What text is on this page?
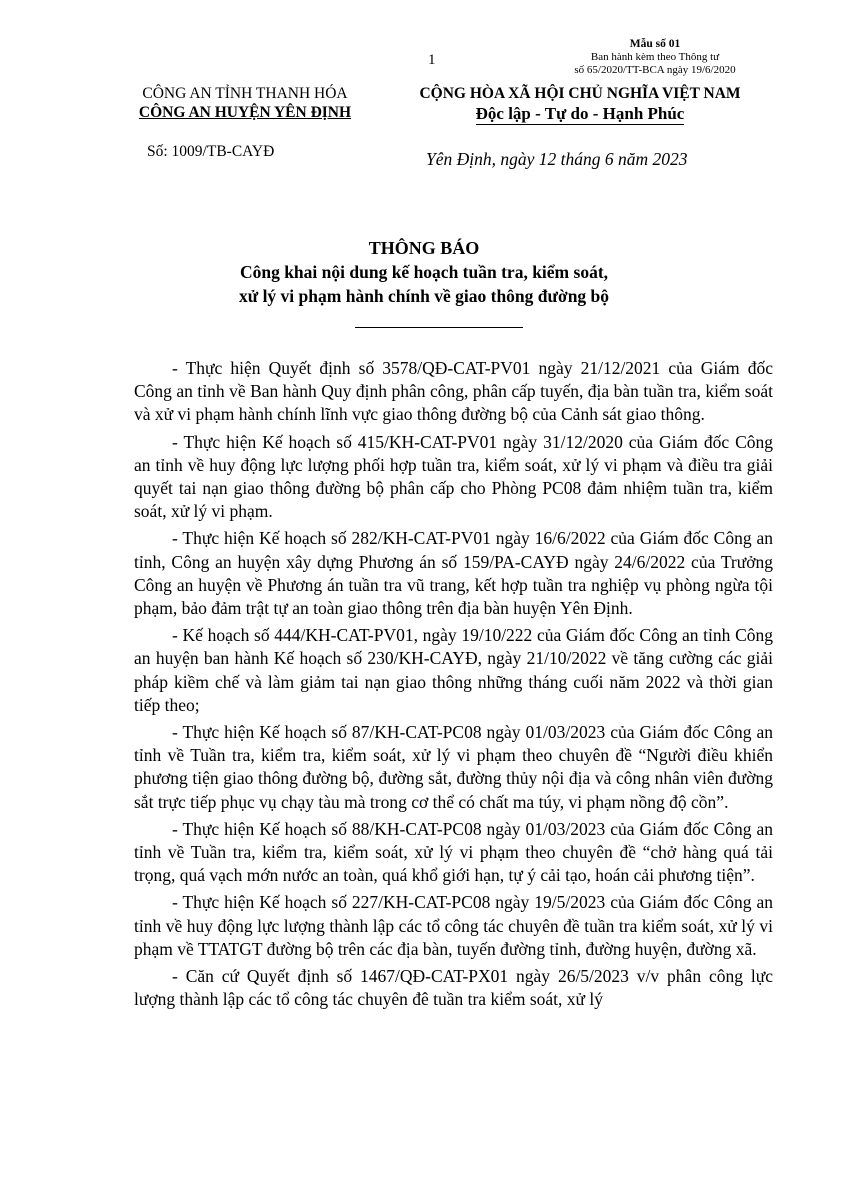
Mẫu số 01
Ban hành kèm theo Thông tư
số 65/2020/TT-BCA ngày 19/6/2020
1
CÔNG AN TỈNH THANH HÓA
CÔNG AN HUYỆN YÊN ĐỊNH
CỘNG HÒA XÃ HỘI CHỦ NGHĨA VIỆT NAM
Độc lập - Tự do - Hạnh Phúc
Số: 1009/TB-CAYĐ	Yên Định, ngày 12 tháng 6 năm 2023
THÔNG BÁO
Công khai nội dung kế hoạch tuần tra, kiểm soát,
xử lý vi phạm hành chính về giao thông đường bộ

- Thực hiện Quyết định số 3578/QĐ-CAT-PV01 ngày 21/12/2021 của Giám đốc Công an tỉnh về Ban hành Quy định phân công, phân cấp tuyến, địa bàn tuần tra, kiểm soát và xử vi phạm hành chính lĩnh vực giao thông đường bộ của Cảnh sát giao thông.

- Thực hiện Kế hoạch số 415/KH-CAT-PV01 ngày 31/12/2020 của Giám đốc Công an tỉnh về huy động lực lượng phối hợp tuần tra, kiểm soát, xử lý vi phạm và điều tra giải quyết tai nạn giao thông đường bộ phân cấp cho Phòng PC08 đảm nhiệm tuần tra, kiểm soát, xử lý vi phạm.

- Thực hiện Kế hoạch số 282/KH-CAT-PV01 ngày 16/6/2022 của Giám đốc Công an tỉnh, Công an huyện xây dựng Phương án số 159/PA-CAYĐ ngày 24/6/2022 của Trưởng Công an huyện về Phương án tuần tra vũ trang, kết hợp tuần tra nghiệp vụ phòng ngừa tội phạm, bảo đảm trật tự an toàn giao thông trên địa bàn huyện Yên Định.

- Kế hoạch số 444/KH-CAT-PV01, ngày 19/10/222 của Giám đốc Công an tỉnh Công an huyện ban hành Kế hoạch số 230/KH-CAYĐ, ngày 21/10/2022 về tăng cường các giải pháp kiềm chế và làm giảm tai nạn giao thông những tháng cuối năm 2022 và thời gian tiếp theo;

- Thực hiện Kế hoạch số 87/KH-CAT-PC08 ngày 01/03/2023 của Giám đốc Công an tỉnh về Tuần tra, kiểm tra, kiểm soát, xử lý vi phạm theo chuyên đề “Người điều khiển phương tiện giao thông đường bộ, đường sắt, đường thủy nội địa và công nhân viên đường sắt trực tiếp phục vụ chạy tàu mà trong cơ thể có chất ma túy, vi phạm nồng độ cồn”.

- Thực hiện Kế hoạch số 88/KH-CAT-PC08 ngày 01/03/2023 của Giám đốc Công an tỉnh về Tuần tra, kiểm tra, kiểm soát, xử lý vi phạm theo chuyên đề “chở hàng quá tải trọng, quá vạch mớn nước an toàn, quá khổ giới hạn, tự ý cải tạo, hoán cải phương tiện”.

- Thực hiện Kế hoạch số 227/KH-CAT-PC08 ngày 19/5/2023 của Giám đốc Công an tỉnh về huy động lực lượng thành lập các tổ công tác chuyên đề tuần tra kiểm soát, xử lý vi phạm về TTATGT đường bộ trên các địa bàn, tuyến đường tỉnh, đường huyện, đường xã.

- Căn cứ Quyết định số 1467/QĐ-CAT-PX01 ngày 26/5/2023 v/v phân công lực lượng thành lập các tổ công tác chuyên đê tuần tra kiểm soát, xử lý
